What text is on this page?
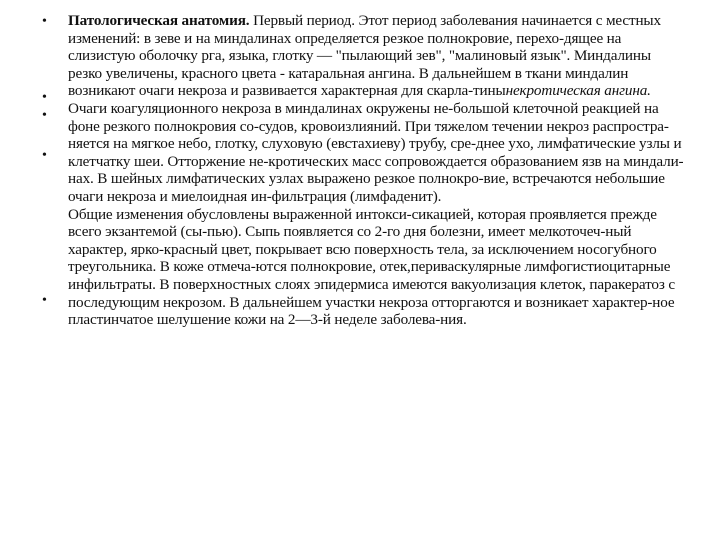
•
•
•
•
•

Патологическая анатомия. Первый период. Этот период заболевания начинается с местных изменений: в зеве и на миндалинах определяется резкое полнокровие, перехо-дящее на слизистую оболочку рга, языка, глотку — "пылающий зев", "малиновый язык". Миндалины резко увеличены, красного цвета - катаральная ангина. В дальнейшем в ткани миндалин возникают очаги некроза и развивается характерная для скарла-тинынекротическая ангина.

Очаги коагуляционного некроза в миндалинах окружены не-большой клеточной реакцией на фоне резкого полнокровия со-судов, кровоизлияний. При тяжелом течении некроз распростра-няется на мягкое небо, глотку, слуховую (евстахиеву) трубу, сре-днее ухо, лимфатические узлы и клетчатку шеи. Отторжение не-кротических масс сопровождается образованием язв на миндали-нах. В шейных лимфатических узлах выражено резкое полнокро-вие, встречаются небольшие очаги некроза и миелоидная ин-фильтрация (лимфаденит).

Общие изменения обусловлены выраженной интокси-сикацией, которая проявляется прежде всего экзантемой (сы-пью). Сыпь появляется со 2-го дня болезни, имеет мелкоточеч-ный характер, ярко-красный цвет, покрывает всю поверхность тела, за исключением носогубного треугольника. В коже отмеча-ются полнокровие, отек,периваскулярные лимфогистиоцитарные инфильтраты. В поверхностных слоях эпидермиса имеются вакуолизация клеток, паракератоз с последующим некрозом. В дальнейшем участки некроза отторгаются и возникает характер-ное пластинчатое шелушение кожи на 2—3-й неделе заболева-ния.
